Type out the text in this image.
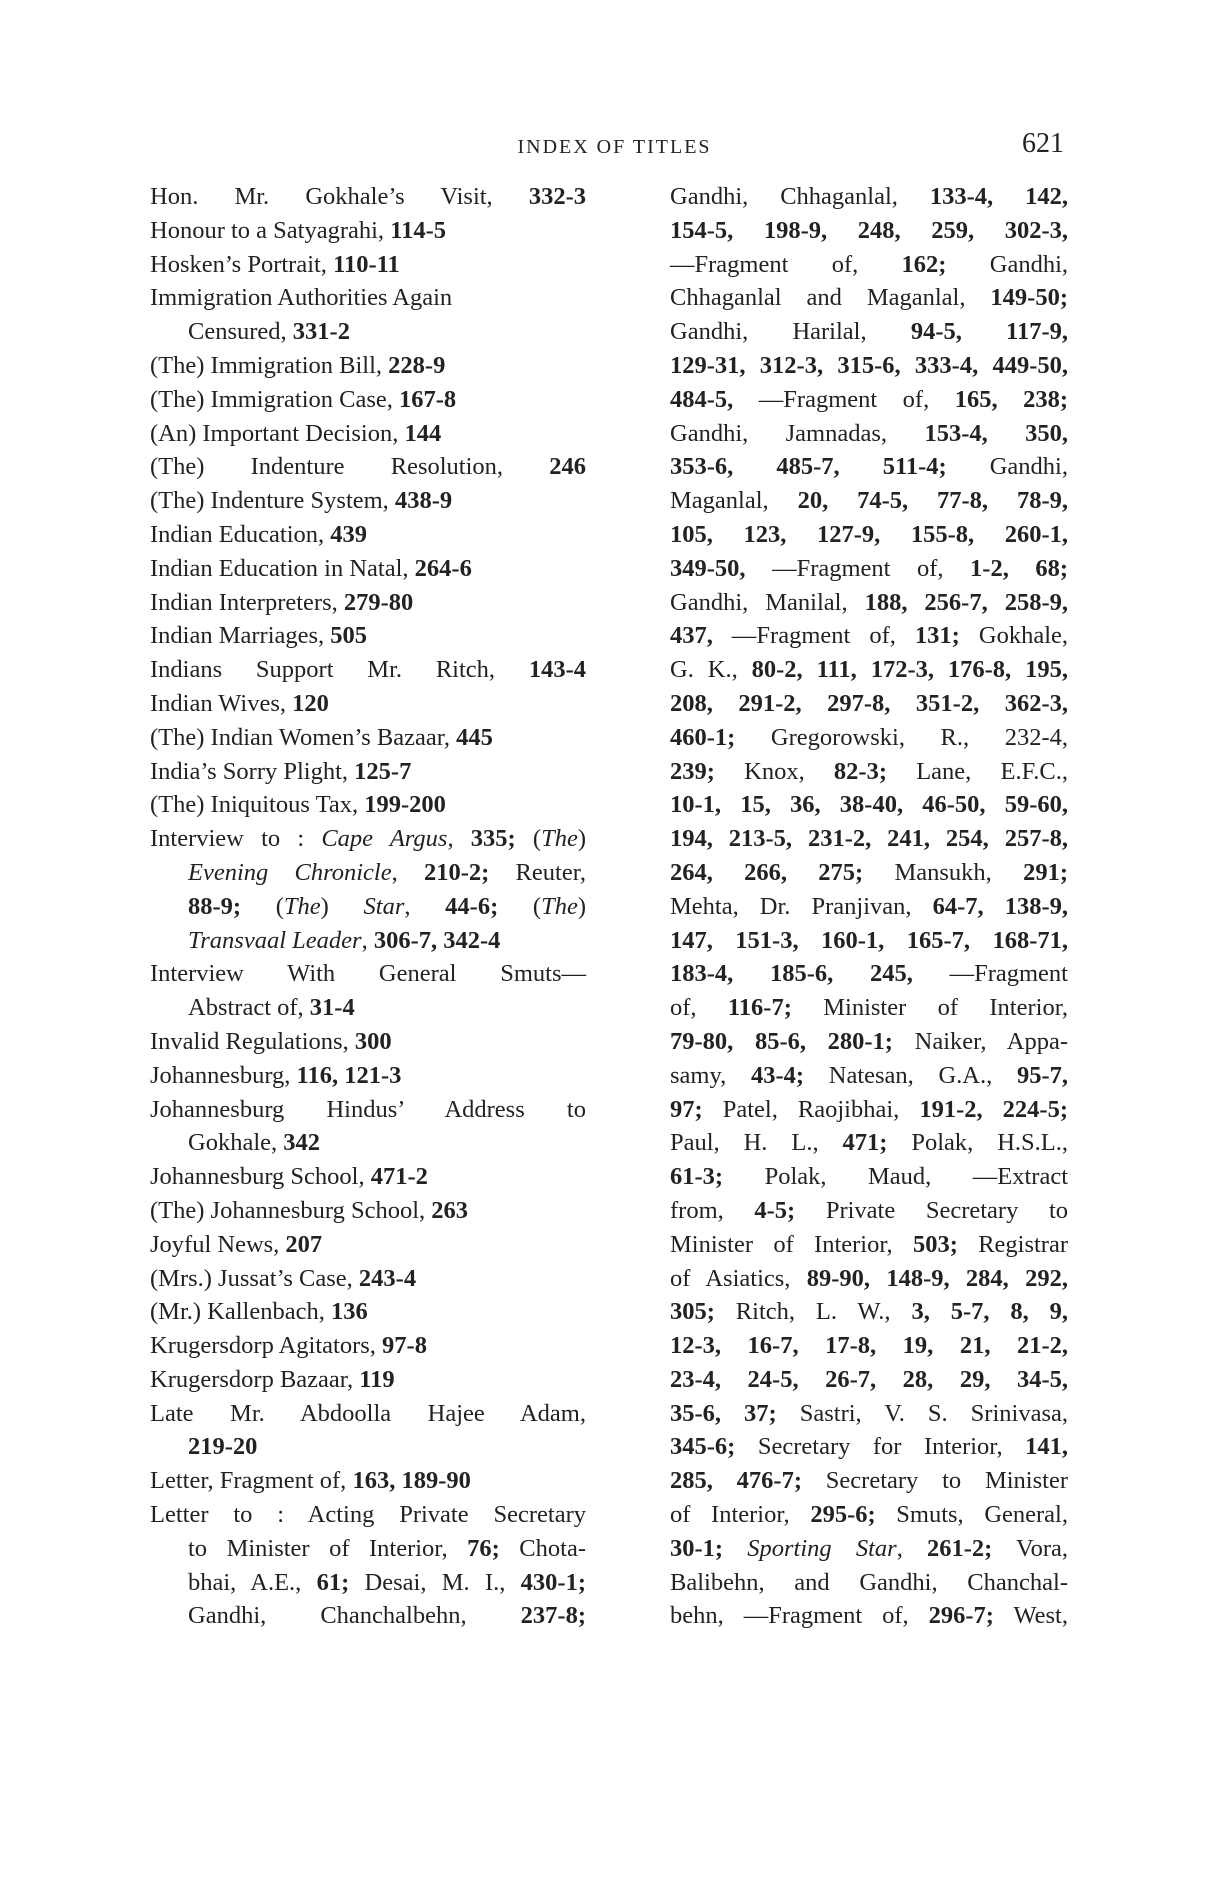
INDEX OF TITLES	621
Hon. Mr. Gokhale’s Visit, 332-3
Honour to a Satyagrahi, 114-5
Hosken’s Portrait, 110-11
Immigration Authorities Again
Censured, 331-2
(The) Immigration Bill, 228-9
(The) Immigration Case, 167-8
(An) Important Decision, 144
(The) Indenture Resolution, 246
(The) Indenture System, 438-9
Indian Education, 439
Indian Education in Natal, 264-6
Indian Interpreters, 279-80
Indian Marriages, 505
Indians Support Mr. Ritch, 143-4
Indian Wives, 120
(The) Indian Women’s Bazaar, 445
India’s Sorry Plight, 125-7
(The) Iniquitous Tax, 199-200
Interview to : Cape Argus, 335; (The)
Evening Chronicle, 210-2; Reuter,
88-9; (The) Star, 44-6; (The)
Transvaal Leader, 306-7, 342-4
Interview With General Smuts—
Abstract of, 31-4
Invalid Regulations, 300
Johannesburg, 116, 121-3
Johannesburg Hindus’ Address to
Gokhale, 342
Johannesburg School, 471-2
(The) Johannesburg School, 263
Joyful News, 207
(Mrs.) Jussat’s Case, 243-4
(Mr.) Kallenbach, 136
Krugersdorp Agitators, 97-8
Krugersdorp Bazaar, 119
Late Mr. Abdoolla Hajee Adam,
219-20
Letter, Fragment of, 163, 189-90
Letter to : Acting Private Secretary
to Minister of Interior, 76; Chota-
bhai, A.E., 61; Desai, M. I., 430-1;
Gandhi, Chanchalbehn, 237-8;
Gandhi, Chhaganlal, 133-4, 142,
154-5, 198-9, 248, 259, 302-3,
—Fragment of, 162; Gandhi,
Chhaganlal and Maganlal, 149-50;
Gandhi, Harilal, 94-5, 117-9,
129-31, 312-3, 315-6, 333-4, 449-50,
484-5, —Fragment of, 165, 238;
Gandhi, Jamnadas, 153-4, 350,
353-6, 485-7, 511-4; Gandhi,
Maganlal, 20, 74-5, 77-8, 78-9,
105, 123, 127-9, 155-8, 260-1,
349-50, —Fragment of, 1-2, 68;
Gandhi, Manilal, 188, 256-7, 258-9,
437, —Fragment of, 131; Gokhale,
G. K., 80-2, 111, 172-3, 176-8, 195,
208, 291-2, 297-8, 351-2, 362-3,
460-1; Gregorowski, R., 232-4,
239; Knox, 82-3; Lane, E.F.C.,
10-1, 15, 36, 38-40, 46-50, 59-60,
194, 213-5, 231-2, 241, 254, 257-8,
264, 266, 275; Mansukh, 291;
Mehta, Dr. Pranjivan, 64-7, 138-9,
147, 151-3, 160-1, 165-7, 168-71,
183-4, 185-6, 245, —Fragment
of, 116-7; Minister of Interior,
79-80, 85-6, 280-1; Naiker, Appa-
samy, 43-4; Natesan, G.A., 95-7,
97; Patel, Raojibhai, 191-2, 224-5;
Paul, H. L., 471; Polak, H.S.L.,
61-3; Polak, Maud, —Extract
from, 4-5; Private Secretary to
Minister of Interior, 503; Registrar
of Asiatics, 89-90, 148-9, 284, 292,
305; Ritch, L. W., 3, 5-7, 8, 9,
12-3, 16-7, 17-8, 19, 21, 21-2,
23-4, 24-5, 26-7, 28, 29, 34-5,
35-6, 37; Sastri, V. S. Srinivasa,
345-6; Secretary for Interior, 141,
285, 476-7; Secretary to Minister
of Interior, 295-6; Smuts, General,
30-1; Sporting Star, 261-2; Vora,
Balibehn, and Gandhi, Chanchal-
behn, —Fragment of, 296-7; West,
